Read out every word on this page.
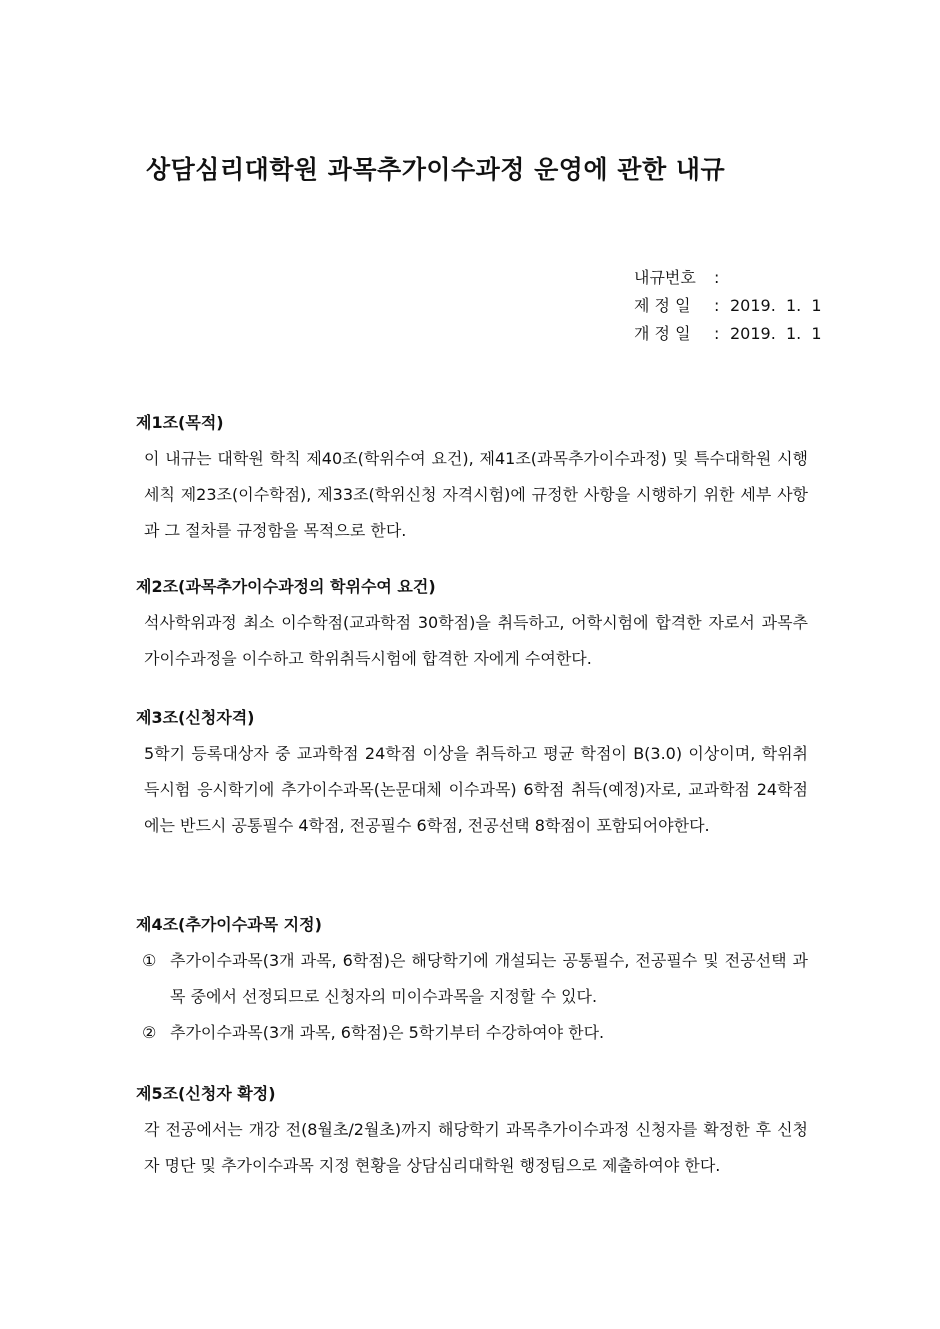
상담심리대학원 과목추가이수과정 운영에 관한 내규
내규번호	:
제 정 일	: 2019.  1.  1
개 정 일	: 2019.  1.  1
제1조(목적)

이 내규는 대학원 학칙 제40조(학위수여 요건), 제41조(과목추가이수과정) 및 특수대학원 시행세칙 제23조(이수학점), 제33조(학위신청 자격시험)에 규정한 사항을 시행하기 위한 세부 사항과 그 절차를 규정함을 목적으로 한다.

제2조(과목추가이수과정의 학위수여 요건)

석사학위과정 최소 이수학점(교과학점 30학점)을 취득하고, 어학시험에 합격한 자로서 과목추가이수과정을 이수하고 학위취득시험에 합격한 자에게 수여한다.

제3조(신청자격)

5학기 등록대상자 중 교과학점 24학점 이상을 취득하고 평균 학점이 B(3.0) 이상이며, 학위취득시험 응시학기에 추가이수과목(논문대체 이수과목) 6학점 취득(예정)자로, 교과학점 24학점에는 반드시 공통필수 4학점, 전공필수 6학점, 전공선택 8학점이 포함되어야한다.

제4조(추가이수과목 지정)
① 추가이수과목(3개 과목, 6학점)은 해당학기에 개설되는 공통필수, 전공필수 및 전공선택 과목 중에서 선정되므로 신청자의 미이수과목을 지정할 수 있다.
② 추가이수과목(3개 과목, 6학점)은 5학기부터 수강하여야 한다.
제5조(신청자 확정)

각 전공에서는 개강 전(8월초/2월초)까지 해당학기 과목추가이수과정 신청자를 확정한 후 신청자 명단 및 추가이수과목 지정 현황을 상담심리대학원 행정팀으로 제출하여야 한다.
